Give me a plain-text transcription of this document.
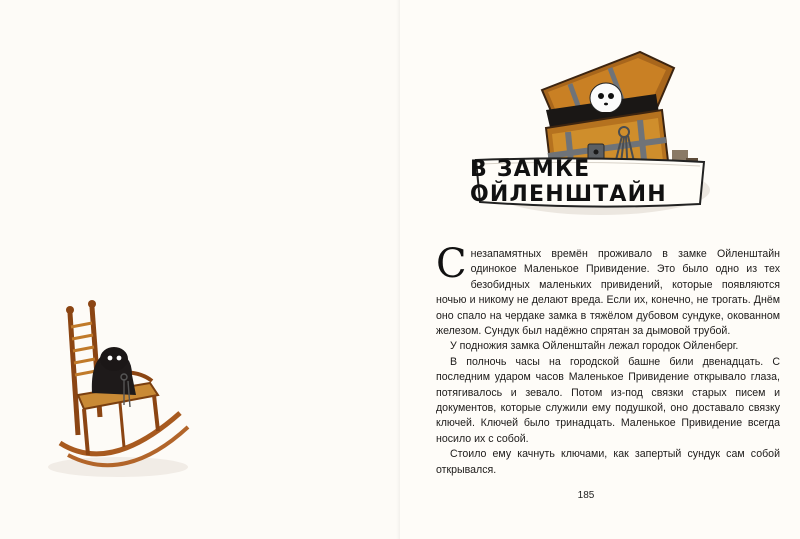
В ЗАМКЕ ОЙЛЕНШТАЙН

Снезапамятных времён проживало в замке Ойленштайн одинокое Маленькое Привидение. Это было одно из тех безобидных маленьких привидений, которые появляются ночью и никому не делают вреда. Если их, конечно, не трогать. Днём оно спало на чердаке замка в тяжёлом дубовом сундуке, окованном железом. Сундук был надёжно спрятан за дымовой трубой.

У подножия замка Ойленштайн лежал городок Ойленберг.

В полночь часы на городской башне били двенадцать. С последним ударом часов Маленькое Привидение открывало глаза, потягивалось и зевало. Потом из-под связки старых писем и документов, которые служили ему подушкой, оно доставало связку ключей. Ключей было тринадцать. Маленькое Привидение всегда носило их с собой.

Стоило ему качнуть ключами, как запертый сундук сам собой открывался.

185
